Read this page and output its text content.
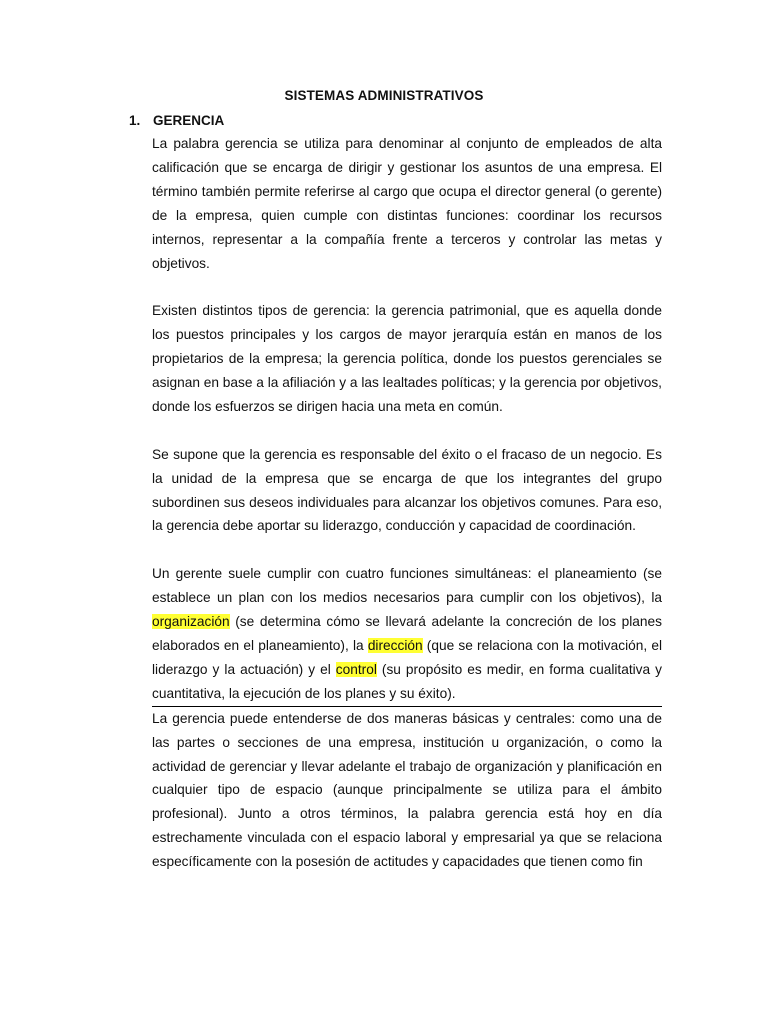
SISTEMAS ADMINISTRATIVOS
1. GERENCIA

La palabra gerencia se utiliza para denominar al conjunto de empleados de alta calificación que se encarga de dirigir y gestionar los asuntos de una empresa. El término también permite referirse al cargo que ocupa el director general (o gerente) de la empresa, quien cumple con distintas funciones: coordinar los recursos internos, representar a la compañía frente a terceros y controlar las metas y objetivos.

Existen distintos tipos de gerencia: la gerencia patrimonial, que es aquella donde los puestos principales y los cargos de mayor jerarquía están en manos de los propietarios de la empresa; la gerencia política, donde los puestos gerenciales se asignan en base a la afiliación y a las lealtades políticas; y la gerencia por objetivos, donde los esfuerzos se dirigen hacia una meta en común.

Se supone que la gerencia es responsable del éxito o el fracaso de un negocio. Es la unidad de la empresa que se encarga de que los integrantes del grupo subordinen sus deseos individuales para alcanzar los objetivos comunes. Para eso, la gerencia debe aportar su liderazgo, conducción y capacidad de coordinación.

Un gerente suele cumplir con cuatro funciones simultáneas: el planeamiento (se establece un plan con los medios necesarios para cumplir con los objetivos), la organización (se determina cómo se llevará adelante la concreción de los planes elaborados en el planeamiento), la dirección (que se relaciona con la motivación, el liderazgo y la actuación) y el control (su propósito es medir, en forma cualitativa y cuantitativa, la ejecución de los planes y su éxito).

La gerencia puede entenderse de dos maneras básicas y centrales: como una de las partes o secciones de una empresa, institución u organización, o como la actividad de gerenciar y llevar adelante el trabajo de organización y planificación en cualquier tipo de espacio (aunque principalmente se utiliza para el ámbito profesional). Junto a otros términos, la palabra gerencia está hoy en día estrechamente vinculada con el espacio laboral y empresarial ya que se relaciona específicamente con la posesión de actitudes y capacidades que tienen como fin
